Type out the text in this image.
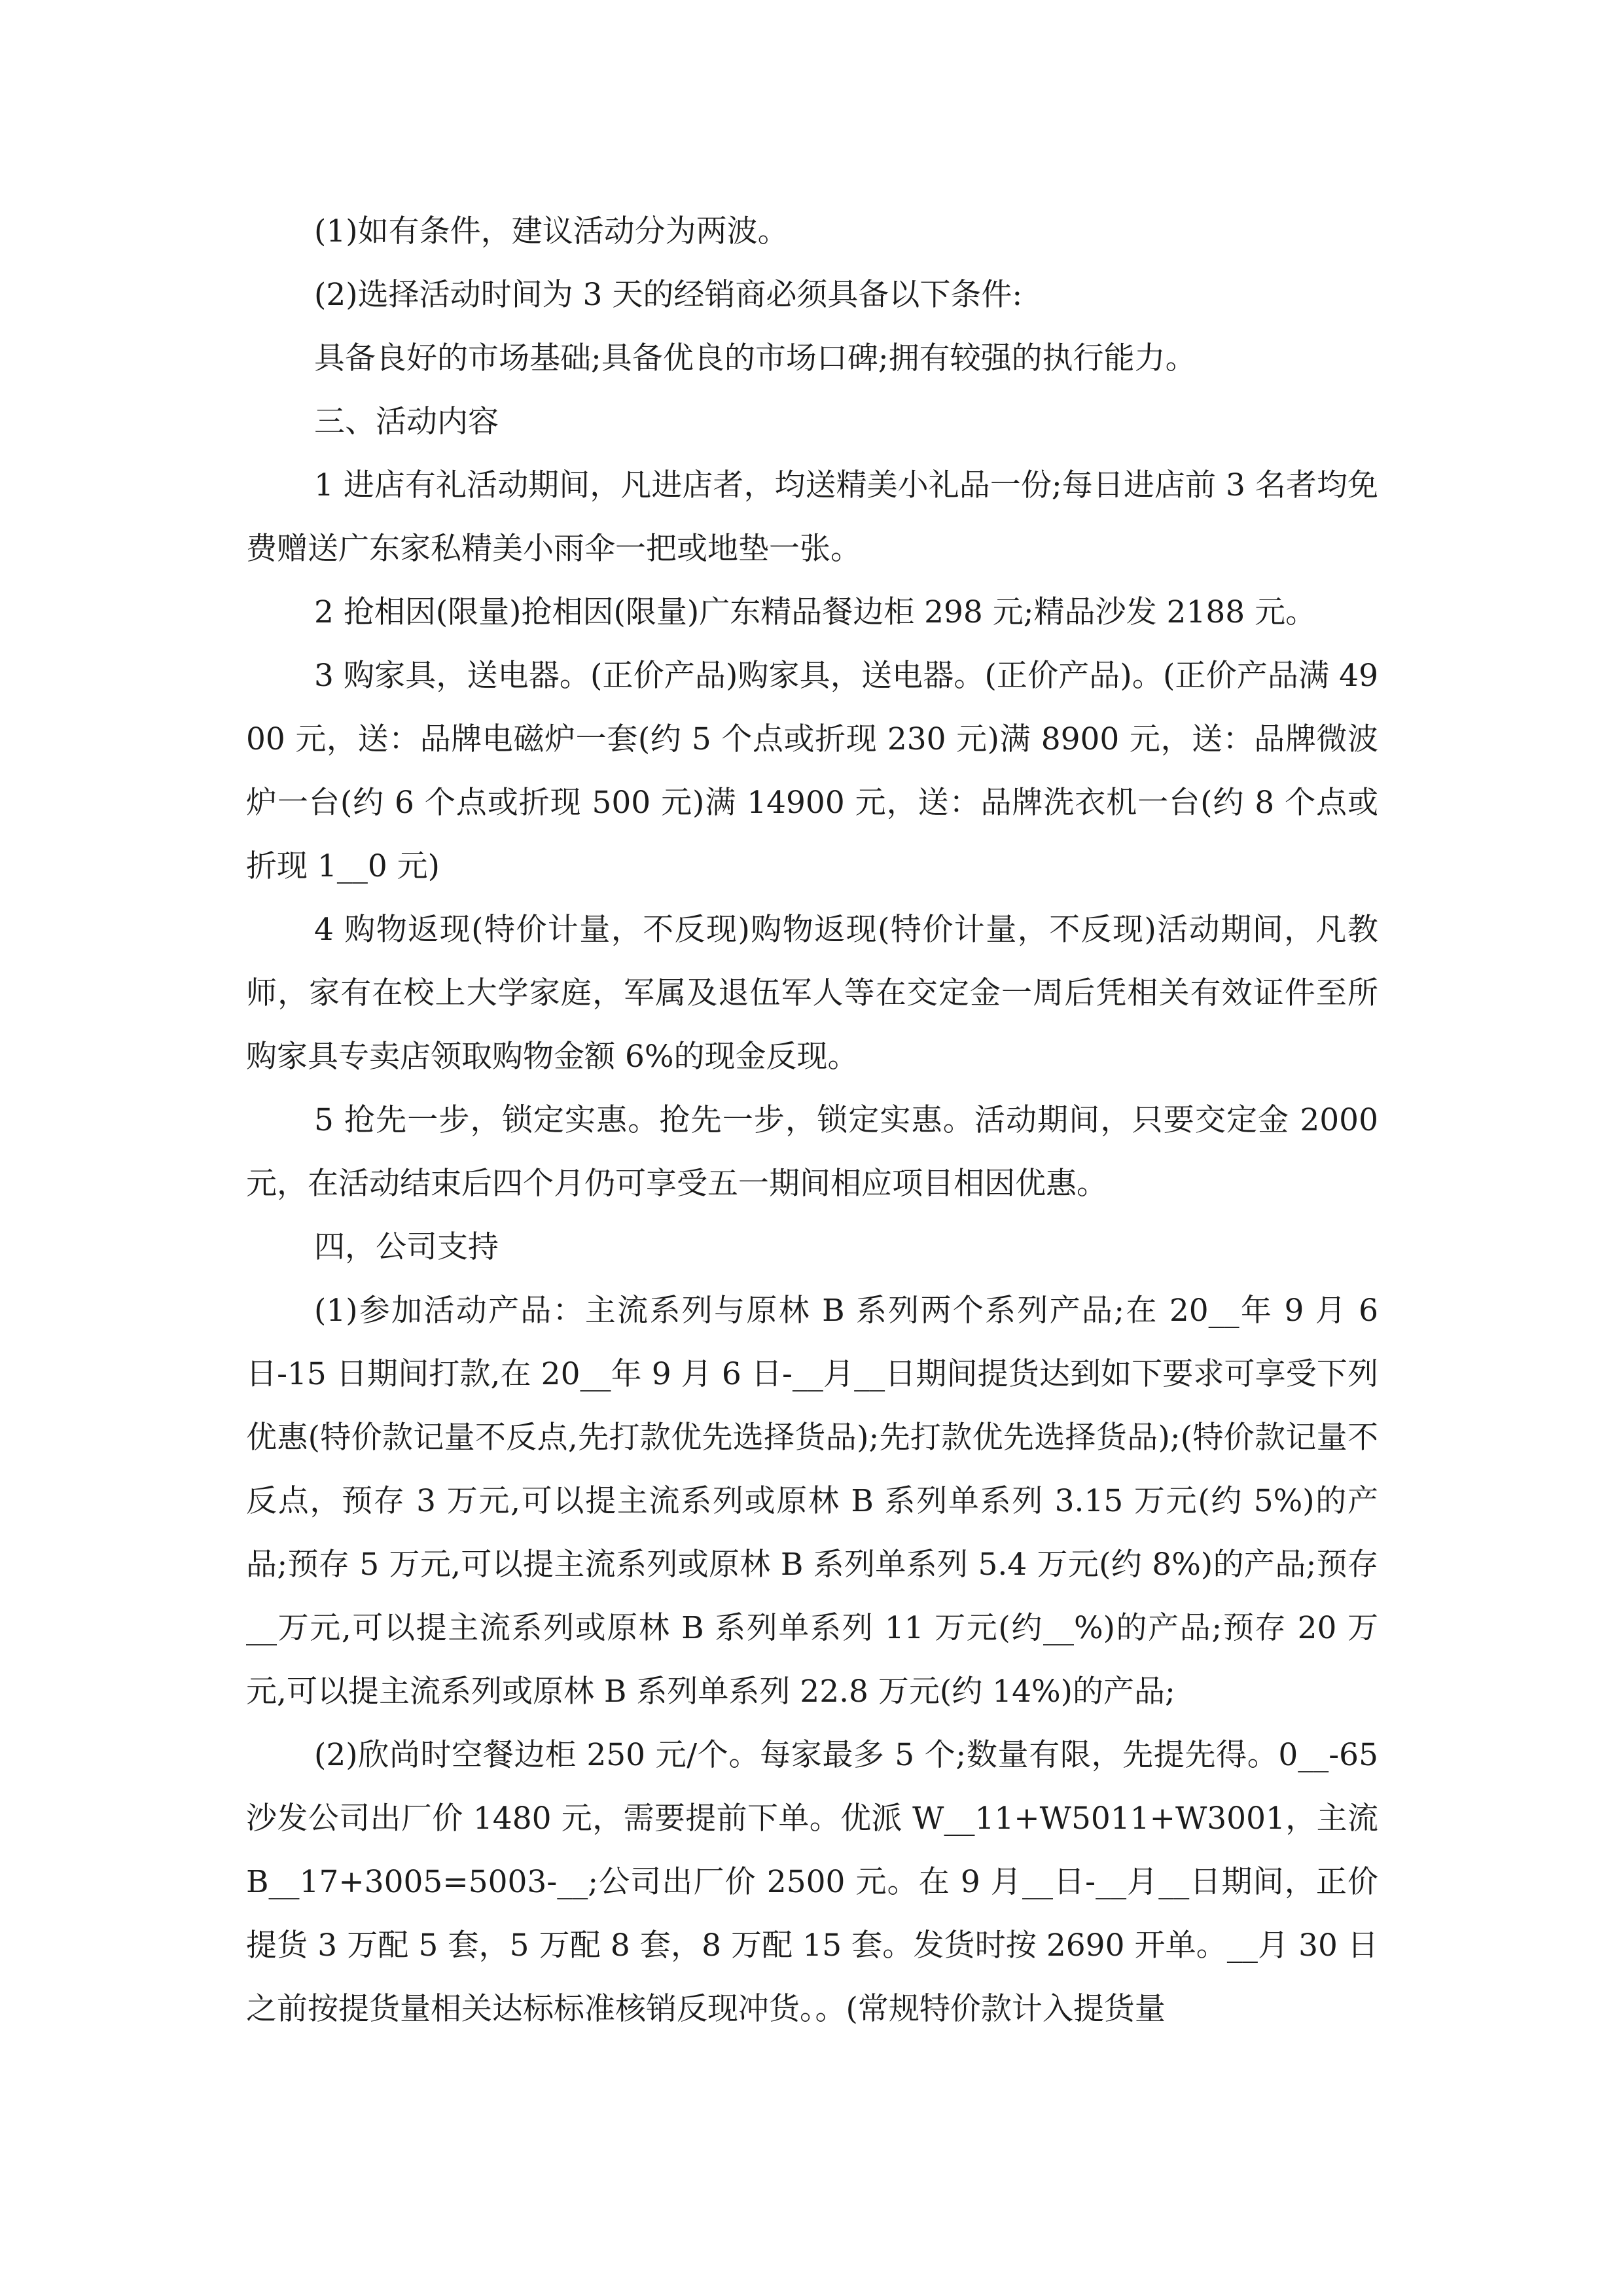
(1)如有条件，建议活动分为两波。

(2)选择活动时间为 3 天的经销商必须具备以下条件:

具备良好的市场基础;具备优良的市场口碑;拥有较强的执行能力。

三、活动内容

1 进店有礼活动期间，凡进店者，均送精美小礼品一份;每日进店前 3 名者均免费赠送广东家私精美小雨伞一把或地垫一张。

2 抢相因(限量)抢相因(限量)广东精品餐边柜 298 元;精品沙发 2188 元。

3 购家具，送电器。(正价产品)购家具，送电器。(正价产品)。(正价产品满 4900 元，送：品牌电磁炉一套(约 5 个点或折现 230 元)满 8900 元，送：品牌微波炉一台(约 6 个点或折现 500 元)满 14900 元，送：品牌洗衣机一台(约 8 个点或折现 1__0 元)

4 购物返现(特价计量，不反现)购物返现(特价计量，不反现)活动期间，凡教师，家有在校上大学家庭，军属及退伍军人等在交定金一周后凭相关有效证件至所购家具专卖店领取购物金额 6%的现金反现。

5 抢先一步，锁定实惠。抢先一步，锁定实惠。活动期间，只要交定金 2000 元，在活动结束后四个月仍可享受五一期间相应项目相因优惠。

四，公司支持

(1)参加活动产品：主流系列与原林 B 系列两个系列产品;在 20__年 9 月 6 日-15 日期间打款,在 20__年 9 月 6 日-__月__日期间提货达到如下要求可享受下列优惠(特价款记量不反点,先打款优先选择货品);先打款优先选择货品);(特价款记量不反点，预存 3 万元,可以提主流系列或原林 B 系列单系列 3.15 万元(约 5%)的产品;预存 5 万元,可以提主流系列或原林 B 系列单系列 5.4 万元(约 8%)的产品;预存__万元,可以提主流系列或原林 B 系列单系列 11 万元(约__%)的产品;预存 20 万元,可以提主流系列或原林 B 系列单系列 22.8 万元(约 14%)的产品;

(2)欣尚时空餐边柜 250 元/个。每家最多 5 个;数量有限，先提先得。0__-65 沙发公司出厂价 1480 元，需要提前下单。优派 W__11+W5011+W3001，主流 B__17+3005=5003-__;公司出厂价 2500 元。在 9 月__日-__月__日期间，正价提货 3 万配 5 套，5 万配 8 套，8 万配 15 套。发货时按 2690 开单。__月 30 日之前按提货量相关达标标准核销反现冲货。。(常规特价款计入提货量
